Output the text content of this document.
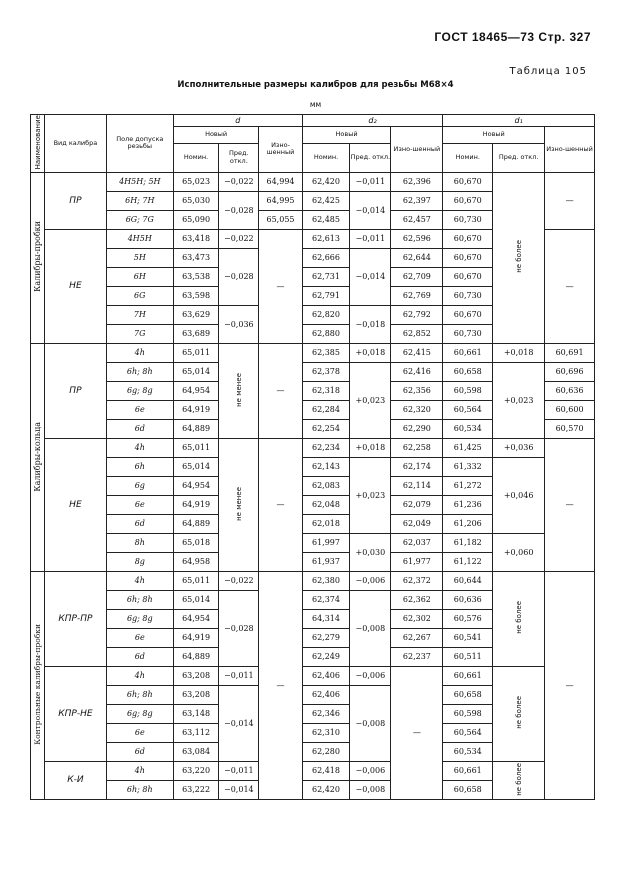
ГОСТ 18465—73 Стр. 327
Таблица 105
Исполнительные размеры калибров для резьбы М68×4
мм
Наименование	Вид калибра	Поле допуска резьбы	d			d₂			d₁		
			Новый		Изно-шенный	Новый		Изно-шенный	Новый		Изно-шенный
			Номин.	Пред. откл.		Номин.	Пред. откл.		Номин.	Пред. откл.	
Калибры-пробки	ПР	4H5H; 5H	65,023	−0,022	64,994	62,420	−0,011	62,396	60,670	не более	—
		6H; 7H	65,030	−0,028	64,995	62,425	−0,014	62,397	60,670		
		6G; 7G	65,090		65,055	62,485		62,457	60,730		
	НЕ	4H5H	63,418	−0,022	—	62,613	−0,011	62,596	60,670		—
		5H	63,473	−0,028		62,666	−0,014	62,644	60,670		
		6H	63,538			62,731		62,709	60,670		
		6G	63,598			62,791		62,769	60,730		
		7H	63,629	−0,036		62,820	−0,018	62,792	60,670		
		7G	63,689			62,880		62,852	60,730		
Калибры-кольца	ПР	4h	65,011	не менее	—	62,385	+0,018	62,415	60,661	+0,018	60,691
		6h; 8h	65,014			62,378	+0,023	62,416	60,658	+0,023	60,696
		6g; 8g	64,954			62,318		62,356	60,598		60,636
		6e	64,919			62,284		62,320	60,564		60,600
		6d	64,889			62,254		62,290	60,534		60,570
	НЕ	4h	65,011	не менее	—	62,234	+0,018	62,258	61,425	+0,036	—
		6h	65,014			62,143	+0,023	62,174	61,332	+0,046	
		6g	64,954			62,083		62,114	61,272		
		6e	64,919			62,048		62,079	61,236		
		6d	64,889			62,018		62,049	61,206		
		8h	65,018			61,997	+0,030	62,037	61,182	+0,060	
		8g	64,958			61,937		61,977	61,122		
Контрольные калибры-пробки	КПР-ПР	4h	65,011	−0,022	—	62,380	−0,006	62,372	60,644	не более	—
		6h; 8h	65,014	−0,028		62,374	−0,008	62,362	60,636		
		6g; 8g	64,954			64,314		62,302	60,576		
		6e	64,919			62,279		62,267	60,541		
		6d	64,889			62,249		62,237	60,511		
	КПР-НЕ	4h	63,208	−0,011		62,406	−0,006	—	60,661	не более	
		6h; 8h	63,208	−0,014		62,406	−0,008		60,658		
		6g; 8g	63,148			62,346			60,598		
		6e	63,112			62,310			60,564		
		6d	63,084			62,280			60,534		
	К-И	4h	63,220	−0,011		62,418	−0,006		60,661	не более	
		6h; 8h	63,222	−0,014		62,420	−0,008		60,658		
